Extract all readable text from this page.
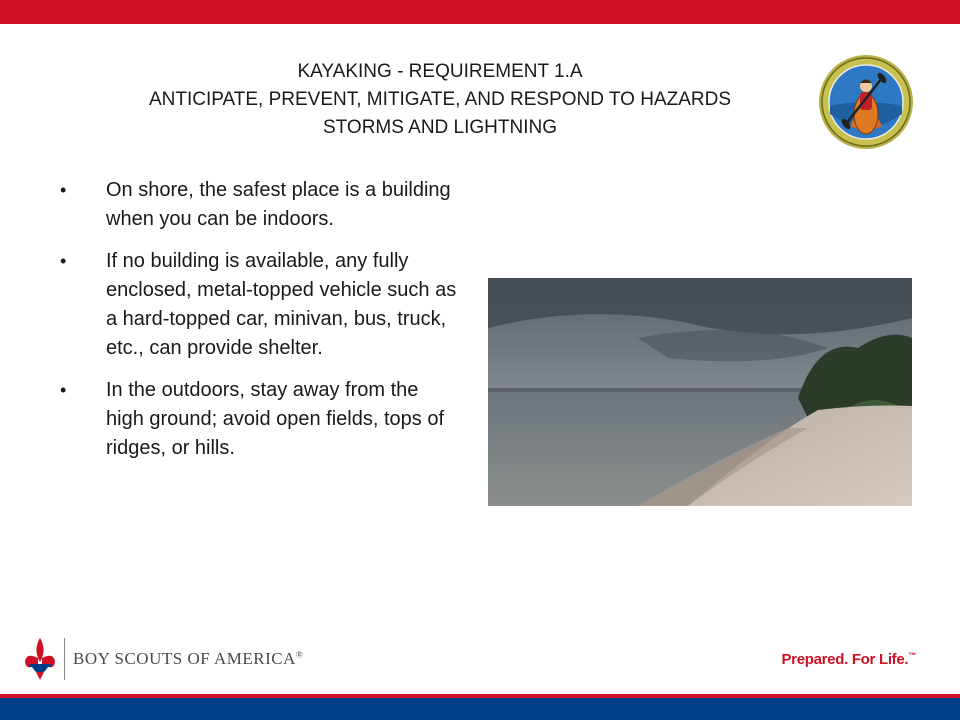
KAYAKING - REQUIREMENT 1.A
ANTICIPATE, PREVENT, MITIGATE, AND RESPOND TO HAZARDS
STORMS AND LIGHTNING
• On shore, the safest place is a building when you can be indoors.
• If no building is available, any fully enclosed, metal-topped vehicle such as a hard-topped car, minivan, bus, truck, etc., can provide shelter.
• In the outdoors, stay away from the high ground; avoid open fields, tops of ridges, or hills.
BOY SCOUTS OF AMERICA®	Prepared. For Life.™
